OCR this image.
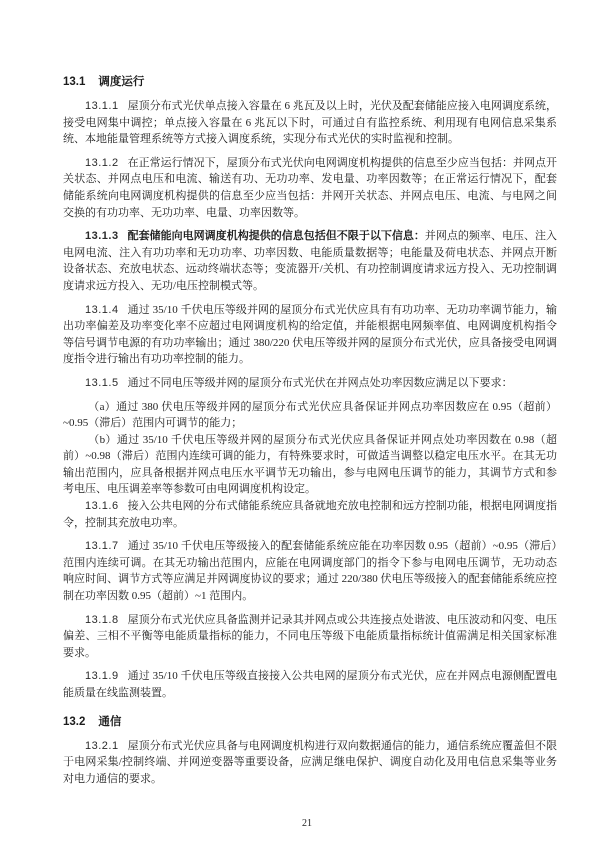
13.1 调度运行

13.1.1 屋顶分布式光伏单点接入容量在 6 兆瓦及以上时，光伏及配套储能应接入电网调度系统，接受电网集中调控；单点接入容量在 6 兆瓦以下时，可通过自有监控系统、利用现有电网信息采集系统、本地能量管理系统等方式接入调度系统，实现分布式光伏的实时监视和控制。

13.1.2 在正常运行情况下，屋顶分布式光伏向电网调度机构提供的信息至少应当包括：并网点开关状态、并网点电压和电流、输送有功、无功功率、发电量、功率因数等；在正常运行情况下，配套储能系统向电网调度机构提供的信息至少应当包括：并网开关状态、并网点电压、电流、与电网之间交换的有功功率、无功功率、电量、功率因数等。

13.1.3 配套储能向电网调度机构提供的信息包括但不限于以下信息：并网点的频率、电压、注入电网电流、注入有功功率和无功功率、功率因数、电能质量数据等；电能量及荷电状态、并网点开断设备状态、充放电状态、远动终端状态等；变流器开/关机、有功控制调度请求远方投入、无功控制调度请求远方投入、无功/电压控制模式等。

13.1.4 通过 35/10 千伏电压等级并网的屋顶分布式光伏应具有有功功率、无功功率调节能力，输出功率偏差及功率变化率不应超过电网调度机构的给定值，并能根据电网频率值、电网调度机构指令等信号调节电源的有功功率输出；通过 380/220 伏电压等级并网的屋顶分布式光伏，应具备接受电网调度指令进行输出有功功率控制的能力。

13.1.5 通过不同电压等级并网的屋顶分布式光伏在并网点处功率因数应满足以下要求：

（a）通过 380 伏电压等级并网的屋顶分布式光伏应具备保证并网点功率因数应在 0.95（超前）~0.95（滞后）范围内可调节的能力；

（b）通过 35/10 千伏电压等级并网的屋顶分布式光伏应具备保证并网点处功率因数在 0.98（超前）~0.98（滞后）范围内连续可调的能力，有特殊要求时，可做适当调整以稳定电压水平。在其无功输出范围内，应具备根据并网点电压水平调节无功输出，参与电网电压调节的能力，其调节方式和参考电压、电压调差率等参数可由电网调度机构设定。

13.1.6 接入公共电网的分布式储能系统应具备就地充放电控制和远方控制功能，根据电网调度指令，控制其充放电功率。

13.1.7 通过 35/10 千伏电压等级接入的配套储能系统应能在功率因数 0.95（超前）~0.95（滞后）范围内连续可调。在其无功输出范围内，应能在电网调度部门的指令下参与电网电压调节，无功动态响应时间、调节方式等应满足并网调度协议的要求；通过 220/380 伏电压等级接入的配套储能系统应控制在功率因数 0.95（超前）~1 范围内。

13.1.8 屋顶分布式光伏应具备监测并记录其并网点或公共连接点处谐波、电压波动和闪变、电压偏差、三相不平衡等电能质量指标的能力，不同电压等级下电能质量指标统计值需满足相关国家标准要求。

13.1.9 通过 35/10 千伏电压等级直接接入公共电网的屋顶分布式光伏，应在并网点电源侧配置电能质量在线监测装置。

13.2 通信

13.2.1 屋顶分布式光伏应具备与电网调度机构进行双向数据通信的能力，通信系统应覆盖但不限于电网采集/控制终端、并网逆变器等重要设备，应满足继电保护、调度自动化及用电信息采集等业务对电力通信的要求。

21
